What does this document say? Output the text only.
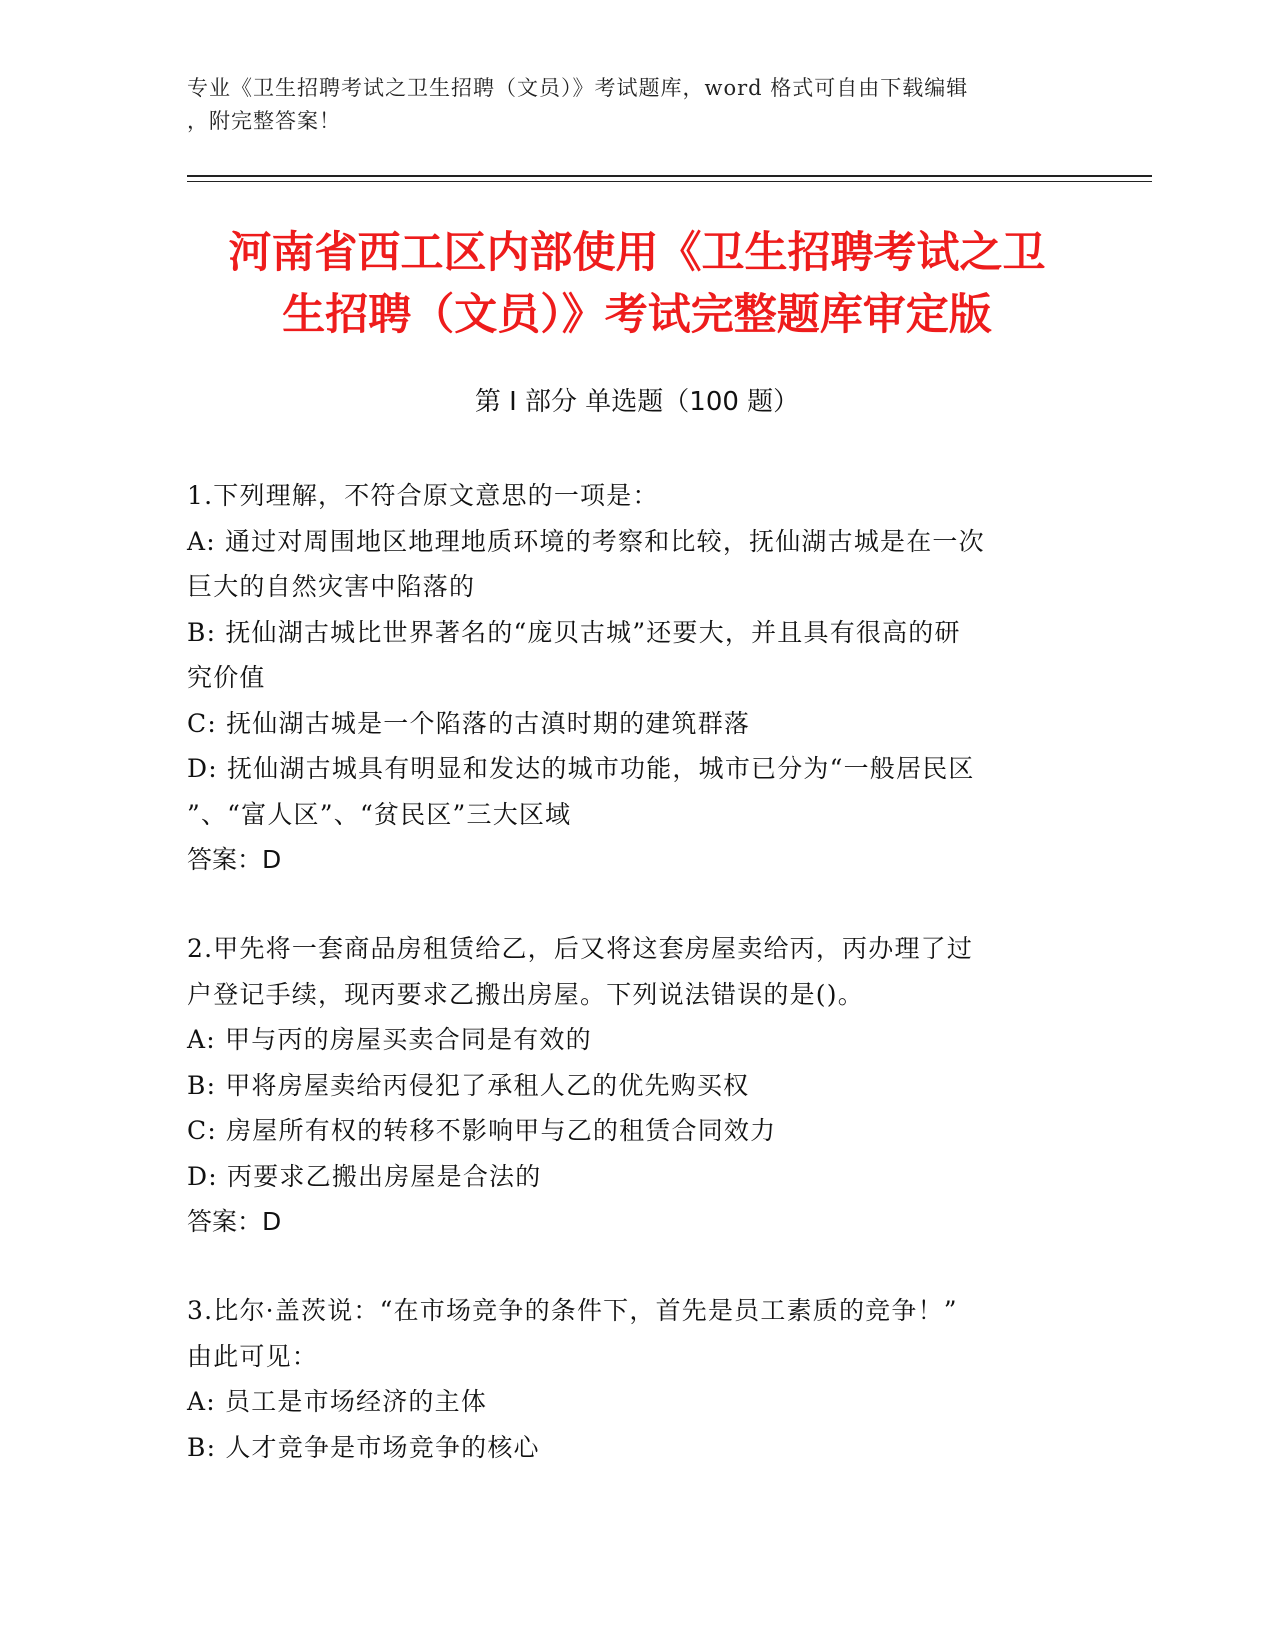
专业《卫生招聘考试之卫生招聘（文员）》考试题库，word 格式可自由下载编辑
，附完整答案！
河南省西工区内部使用《卫生招聘考试之卫
生招聘（文员）》考试完整题库审定版
第 I 部分 单选题（100 题）
1.下列理解，不符合原文意思的一项是：
A: 通过对周围地区地理地质环境的考察和比较，抚仙湖古城是在一次
巨大的自然灾害中陷落的
B: 抚仙湖古城比世界著名的“庞贝古城”还要大，并且具有很高的研
究价值
C: 抚仙湖古城是一个陷落的古滇时期的建筑群落
D: 抚仙湖古城具有明显和发达的城市功能，城市已分为“一般居民区
”、“富人区”、“贫民区”三大区域
答案：D
2.甲先将一套商品房租赁给乙，后又将这套房屋卖给丙，丙办理了过
户登记手续，现丙要求乙搬出房屋。下列说法错误的是()。
A: 甲与丙的房屋买卖合同是有效的
B: 甲将房屋卖给丙侵犯了承租人乙的优先购买权
C: 房屋所有权的转移不影响甲与乙的租赁合同效力
D: 丙要求乙搬出房屋是合法的
答案：D
3.比尔·盖茨说：“在市场竞争的条件下，首先是员工素质的竞争！”
由此可见：
A: 员工是市场经济的主体
B: 人才竞争是市场竞争的核心
